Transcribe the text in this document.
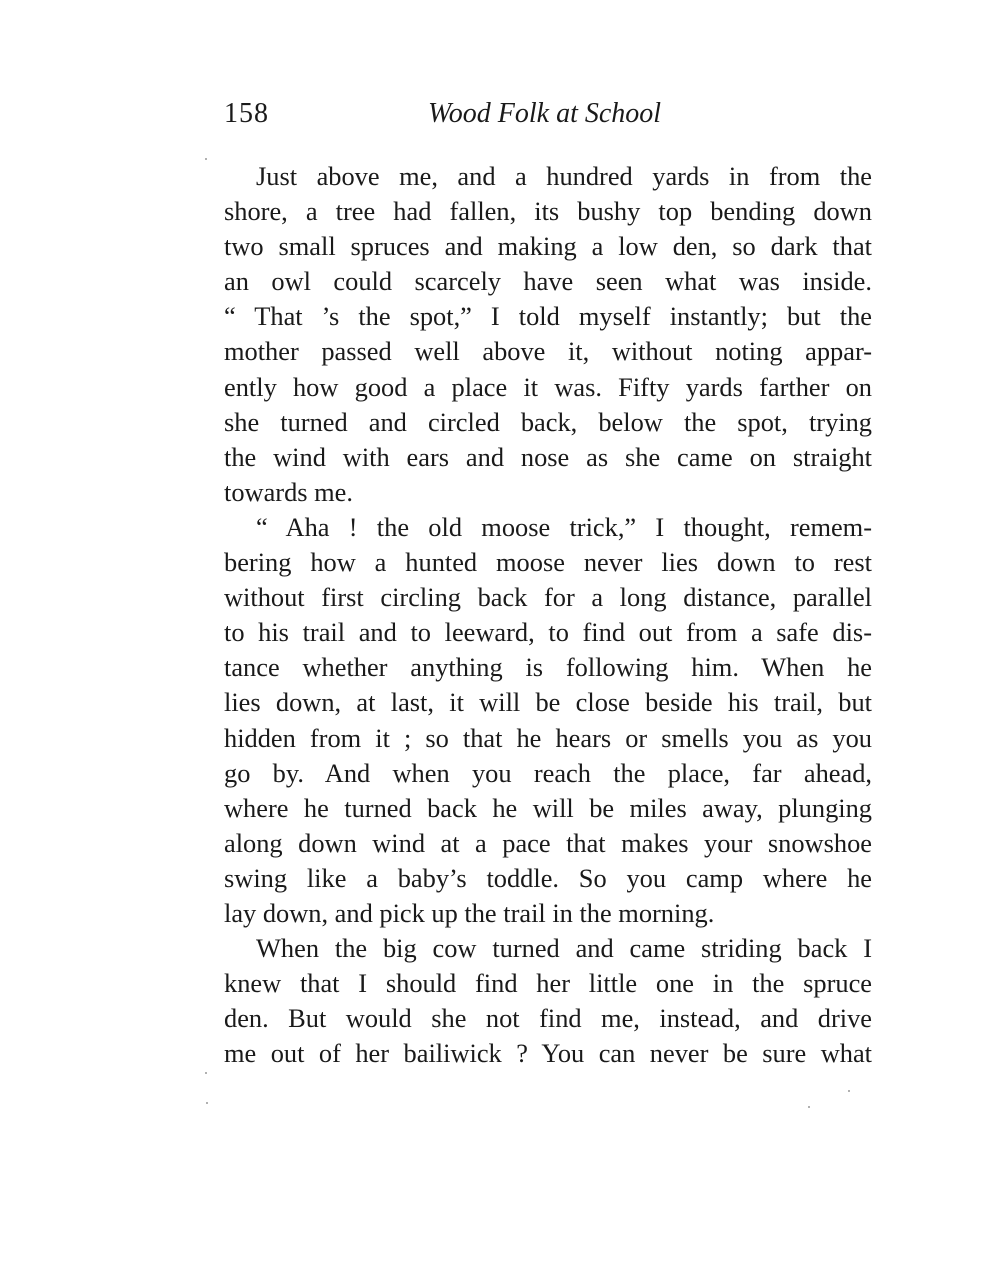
158	Wood Folk at School
Just above me, and a hundred yards in from the
shore, a tree had fallen, its bushy top bending down
two small spruces and making a low den, so dark that
an owl could scarcely have seen what was inside.
“ That ’s the spot,” I told myself instantly; but the
mother passed well above it, without noting appar-
ently how good a place it was. Fifty yards farther on
she turned and circled back, below the spot, trying
the wind with ears and nose as she came on straight
towards me.
“ Aha ! the old moose trick,” I thought, remem-
bering how a hunted moose never lies down to rest
without first circling back for a long distance, parallel
to his trail and to leeward, to find out from a safe dis-
tance whether anything is following him. When he
lies down, at last, it will be close beside his trail, but
hidden from it ; so that he hears or smells you as you
go by. And when you reach the place, far ahead,
where he turned back he will be miles away, plunging
along down wind at a pace that makes your snowshoe
swing like a baby’s toddle. So you camp where he
lay down, and pick up the trail in the morning.
When the big cow turned and came striding back I
knew that I should find her little one in the spruce
den. But would she not find me, instead, and drive
me out of her bailiwick ? You can never be sure what
